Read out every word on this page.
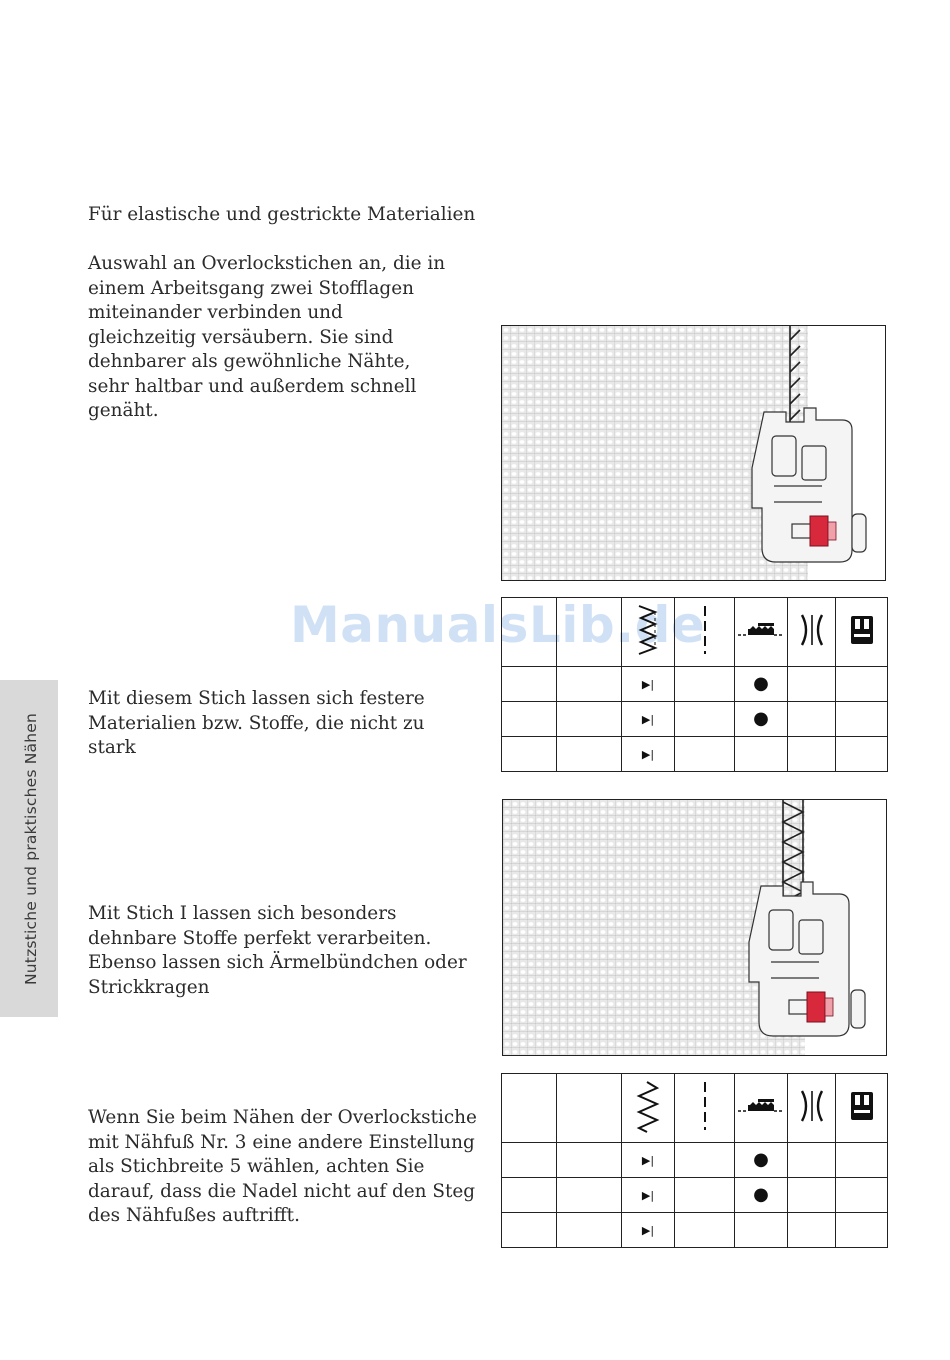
Nutzstiche und praktisches Nähen

Für elastische und gestrickte Materialien

Auswahl an Overlockstichen an, die in einem Arbeitsgang zwei Stofflagen miteinander verbinden und gleichzeitig versäubern. Sie sind dehnbarer als gewöhnliche Nähte, sehr haltbar und außerdem schnell genäht.

Mit diesem Stich lassen sich festere Materialien bzw. Stoffe, die nicht zu stark

Mit Stich I lassen sich besonders dehnbare Stoffe perfekt verarbeiten. Ebenso lassen sich Ärmelbündchen oder Strickkragen

Wenn Sie beim Nähen der Overlockstiche mit Nähfuß Nr. 3 eine andere Einstellung als Stichbreite 5 wählen, achten Sie darauf, dass die Nadel nicht auf den Steg des Nähfußes auftrifft.

ManualsLib.de

		▶|		●		
		▶|		●		
		▶|				

		▶|		●		
		▶|		●		
		▶|				
